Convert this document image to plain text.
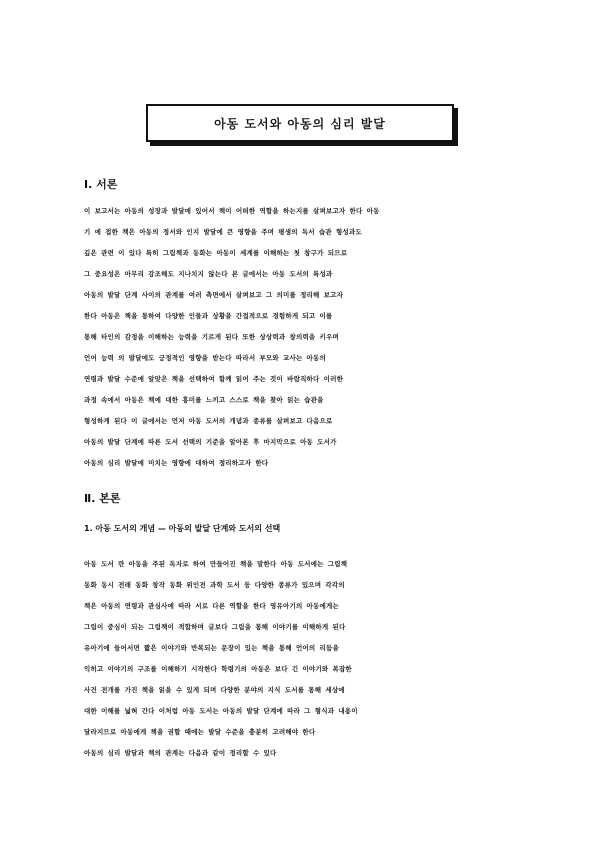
아동 도서와 아동의 심리 발달
Ⅰ. 서론
이 보고서는 아동의 성장과 발달에 있어서 책이 어떠한 역할을 하는지를 살펴보고자 한다 아동
기 에 접한 책은 아동의 정서와 인지 발달에 큰 영향을 주며 평생의 독서 습관 형성과도
깊은 관련 이 있다 특히 그림책과 동화는 아동이 세계를 이해하는 첫 창구가 되므로
그 중요성은 아무리 강조해도 지나치지 않는다 본 글에서는 아동 도서의 특성과
아동의 발달 단계 사이의 관계를 여러 측면에서 살펴보고 그 의미를 정리해 보고자
한다 아동은 책을 통하여 다양한 인물과 상황을 간접적으로 경험하게 되고 이를
통해 타인의 감정을 이해하는 능력을 기르게 된다 또한 상상력과 창의력을 키우며
언어 능력 의 발달에도 긍정적인 영향을 받는다 따라서 부모와 교사는 아동의
연령과 발달 수준에 알맞은 책을 선택하여 함께 읽어 주는 것이 바람직하다 이러한
과정 속에서 아동은 책에 대한 흥미를 느끼고 스스로 책을 찾아 읽는 습관을
형성하게 된다 이 글에서는 먼저 아동 도서의 개념과 종류를 살펴보고 다음으로
아동의 발달 단계에 따른 도서 선택의 기준을 알아본 후 마지막으로 아동 도서가
아동의 심리 발달에 미치는 영향에 대하여 정리하고자 한다
Ⅱ. 본론
1. 아동 도서의 개념 — 아동의 발달 단계와 도서의 선택
아동 도서 란 아동을 주된 독자로 하여 만들어진 책을 말한다 아동 도서에는 그림책
동화 동시 전래 동화 창작 동화 위인전 과학 도서 등 다양한 종류가 있으며 각각의
책은 아동의 연령과 관심사에 따라 서로 다른 역할을 한다 영유아기의 아동에게는
그림이 중심이 되는 그림책이 적합하며 글보다 그림을 통해 이야기를 이해하게 된다
유아기에 들어서면 짧은 이야기와 반복되는 문장이 있는 책을 통해 언어의 리듬을
익히고 이야기의 구조를 이해하기 시작한다 학령기의 아동은 보다 긴 이야기와 복잡한
사건 전개를 가진 책을 읽을 수 있게 되며 다양한 분야의 지식 도서를 통해 세상에
대한 이해를 넓혀 간다 이처럼 아동 도서는 아동의 발달 단계에 따라 그 형식과 내용이
달라지므로 아동에게 책을 권할 때에는 발달 수준을 충분히 고려해야 한다
아동의 심리 발달과 책의 관계는 다음과 같이 정리할 수 있다
